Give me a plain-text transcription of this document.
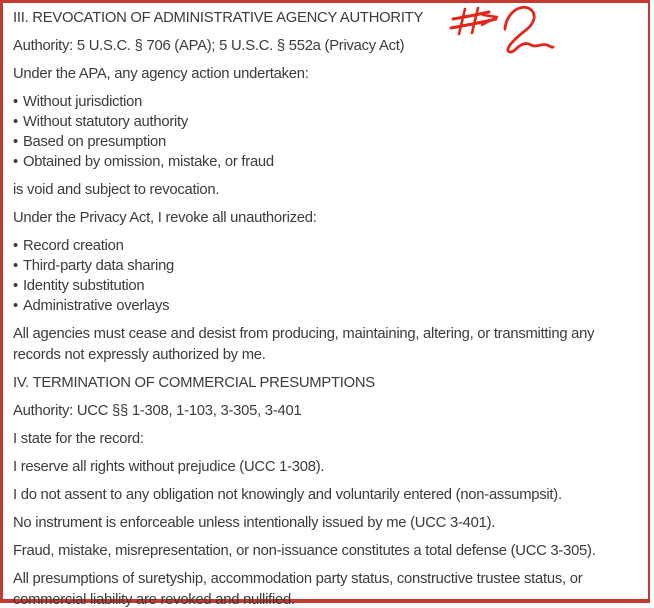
III. REVOCATION OF ADMINISTRATIVE AGENCY AUTHORITY

Authority: 5 U.S.C. § 706 (APA); 5 U.S.C. § 552a (Privacy Act)

Under the APA, any agency action undertaken:

• Without jurisdiction
• Without statutory authority
• Based on presumption
• Obtained by omission, mistake, or fraud

is void and subject to revocation.

Under the Privacy Act, I revoke all unauthorized:

• Record creation
• Third-party data sharing
• Identity substitution
• Administrative overlays

All agencies must cease and desist from producing, maintaining, altering, or transmitting any records not expressly authorized by me.

IV. TERMINATION OF COMMERCIAL PRESUMPTIONS

Authority: UCC §§ 1-308, 1-103, 3-305, 3-401

I state for the record:

I reserve all rights without prejudice (UCC 1-308).

I do not assent to any obligation not knowingly and voluntarily entered (non-assumpsit).

No instrument is enforceable unless intentionally issued by me (UCC 3-401).

Fraud, mistake, misrepresentation, or non-issuance constitutes a total defense (UCC 3-305).

All presumptions of suretyship, accommodation party status, constructive trustee status, or commercial liability are revoked and nullified.
